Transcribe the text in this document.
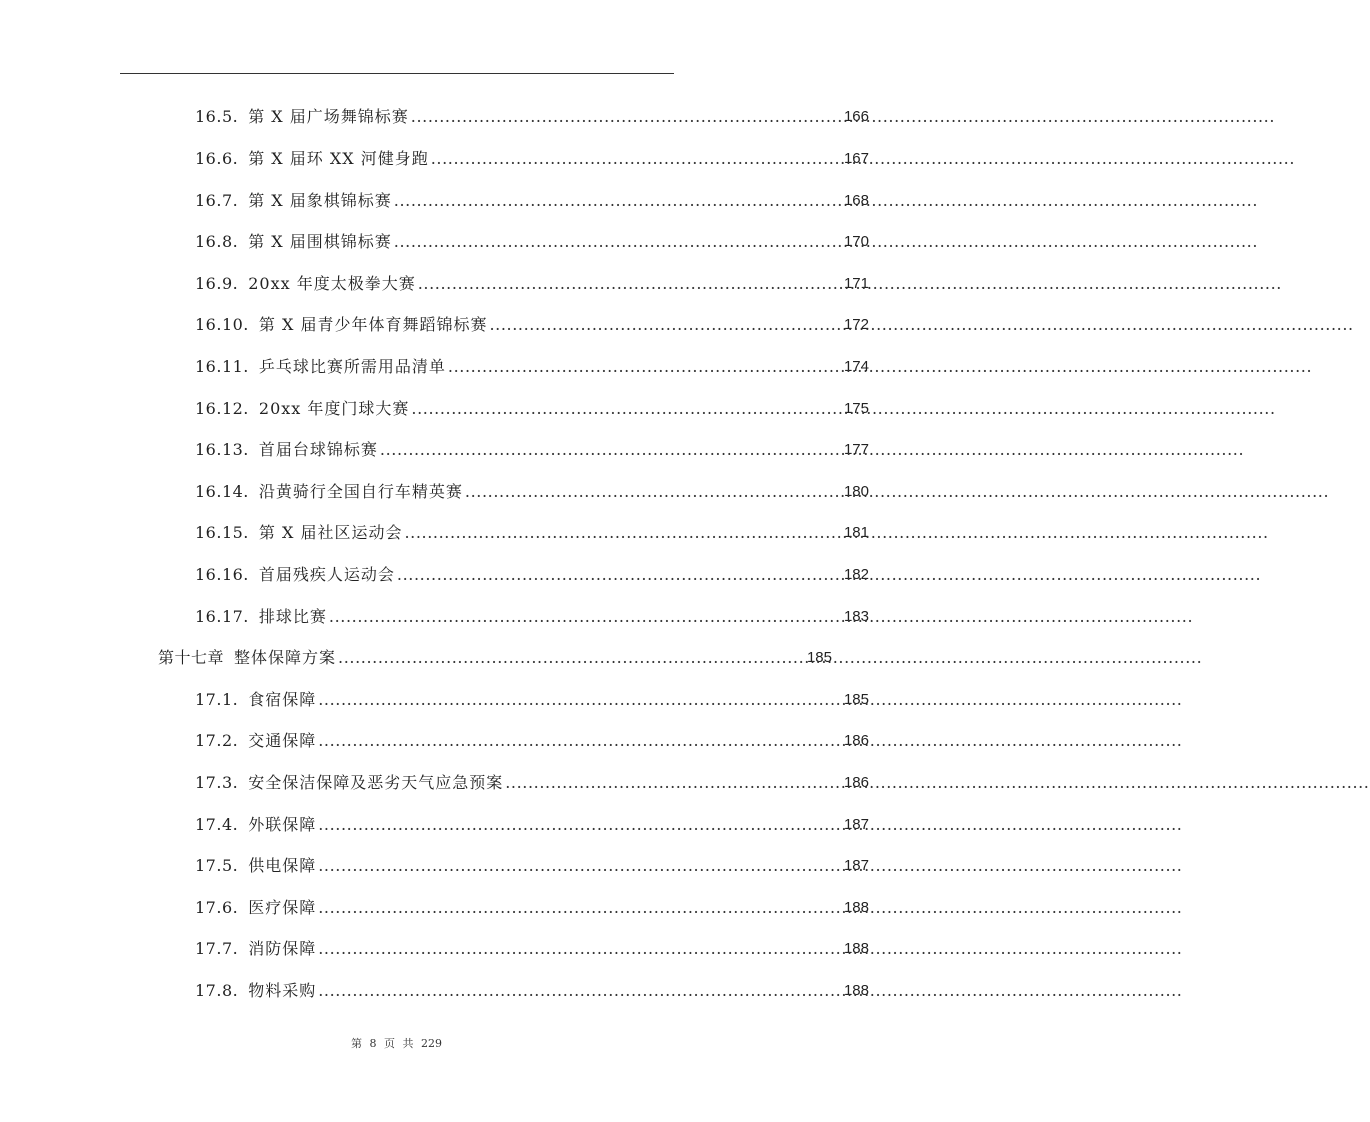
16.5. 第 X 届广场舞锦标赛 .....	166
16.6. 第 X 届环 XX 河健身跑 .....	167
16.7. 第 X 届象棋锦标赛 .....	168
16.8. 第 X 届围棋锦标赛 .....	170
16.9. 20xx 年度太极拳大赛 .....	171
16.10. 第 X 届青少年体育舞蹈锦标赛 .....	172
16.11. 乒乓球比赛所需用品清单 .....	174
16.12. 20xx 年度门球大赛 .....	175
16.13. 首届台球锦标赛 .....	177
16.14. 沿黄骑行全国自行车精英赛 .....	180
16.15. 第 X 届社区运动会 .....	181
16.16. 首届残疾人运动会 .....	182
16.17. 排球比赛 .....	183
第十七章 整体保障方案 .....	185
17.1. 食宿保障 .....	185
17.2. 交通保障 .....	186
17.3. 安全保洁保障及恶劣天气应急预案 .....	186
17.4. 外联保障 .....	187
17.5. 供电保障 .....	187
17.6. 医疗保障 .....	188
17.7. 消防保障 .....	188
17.8. 物料采购 .....	188
第 8 页 共 229
